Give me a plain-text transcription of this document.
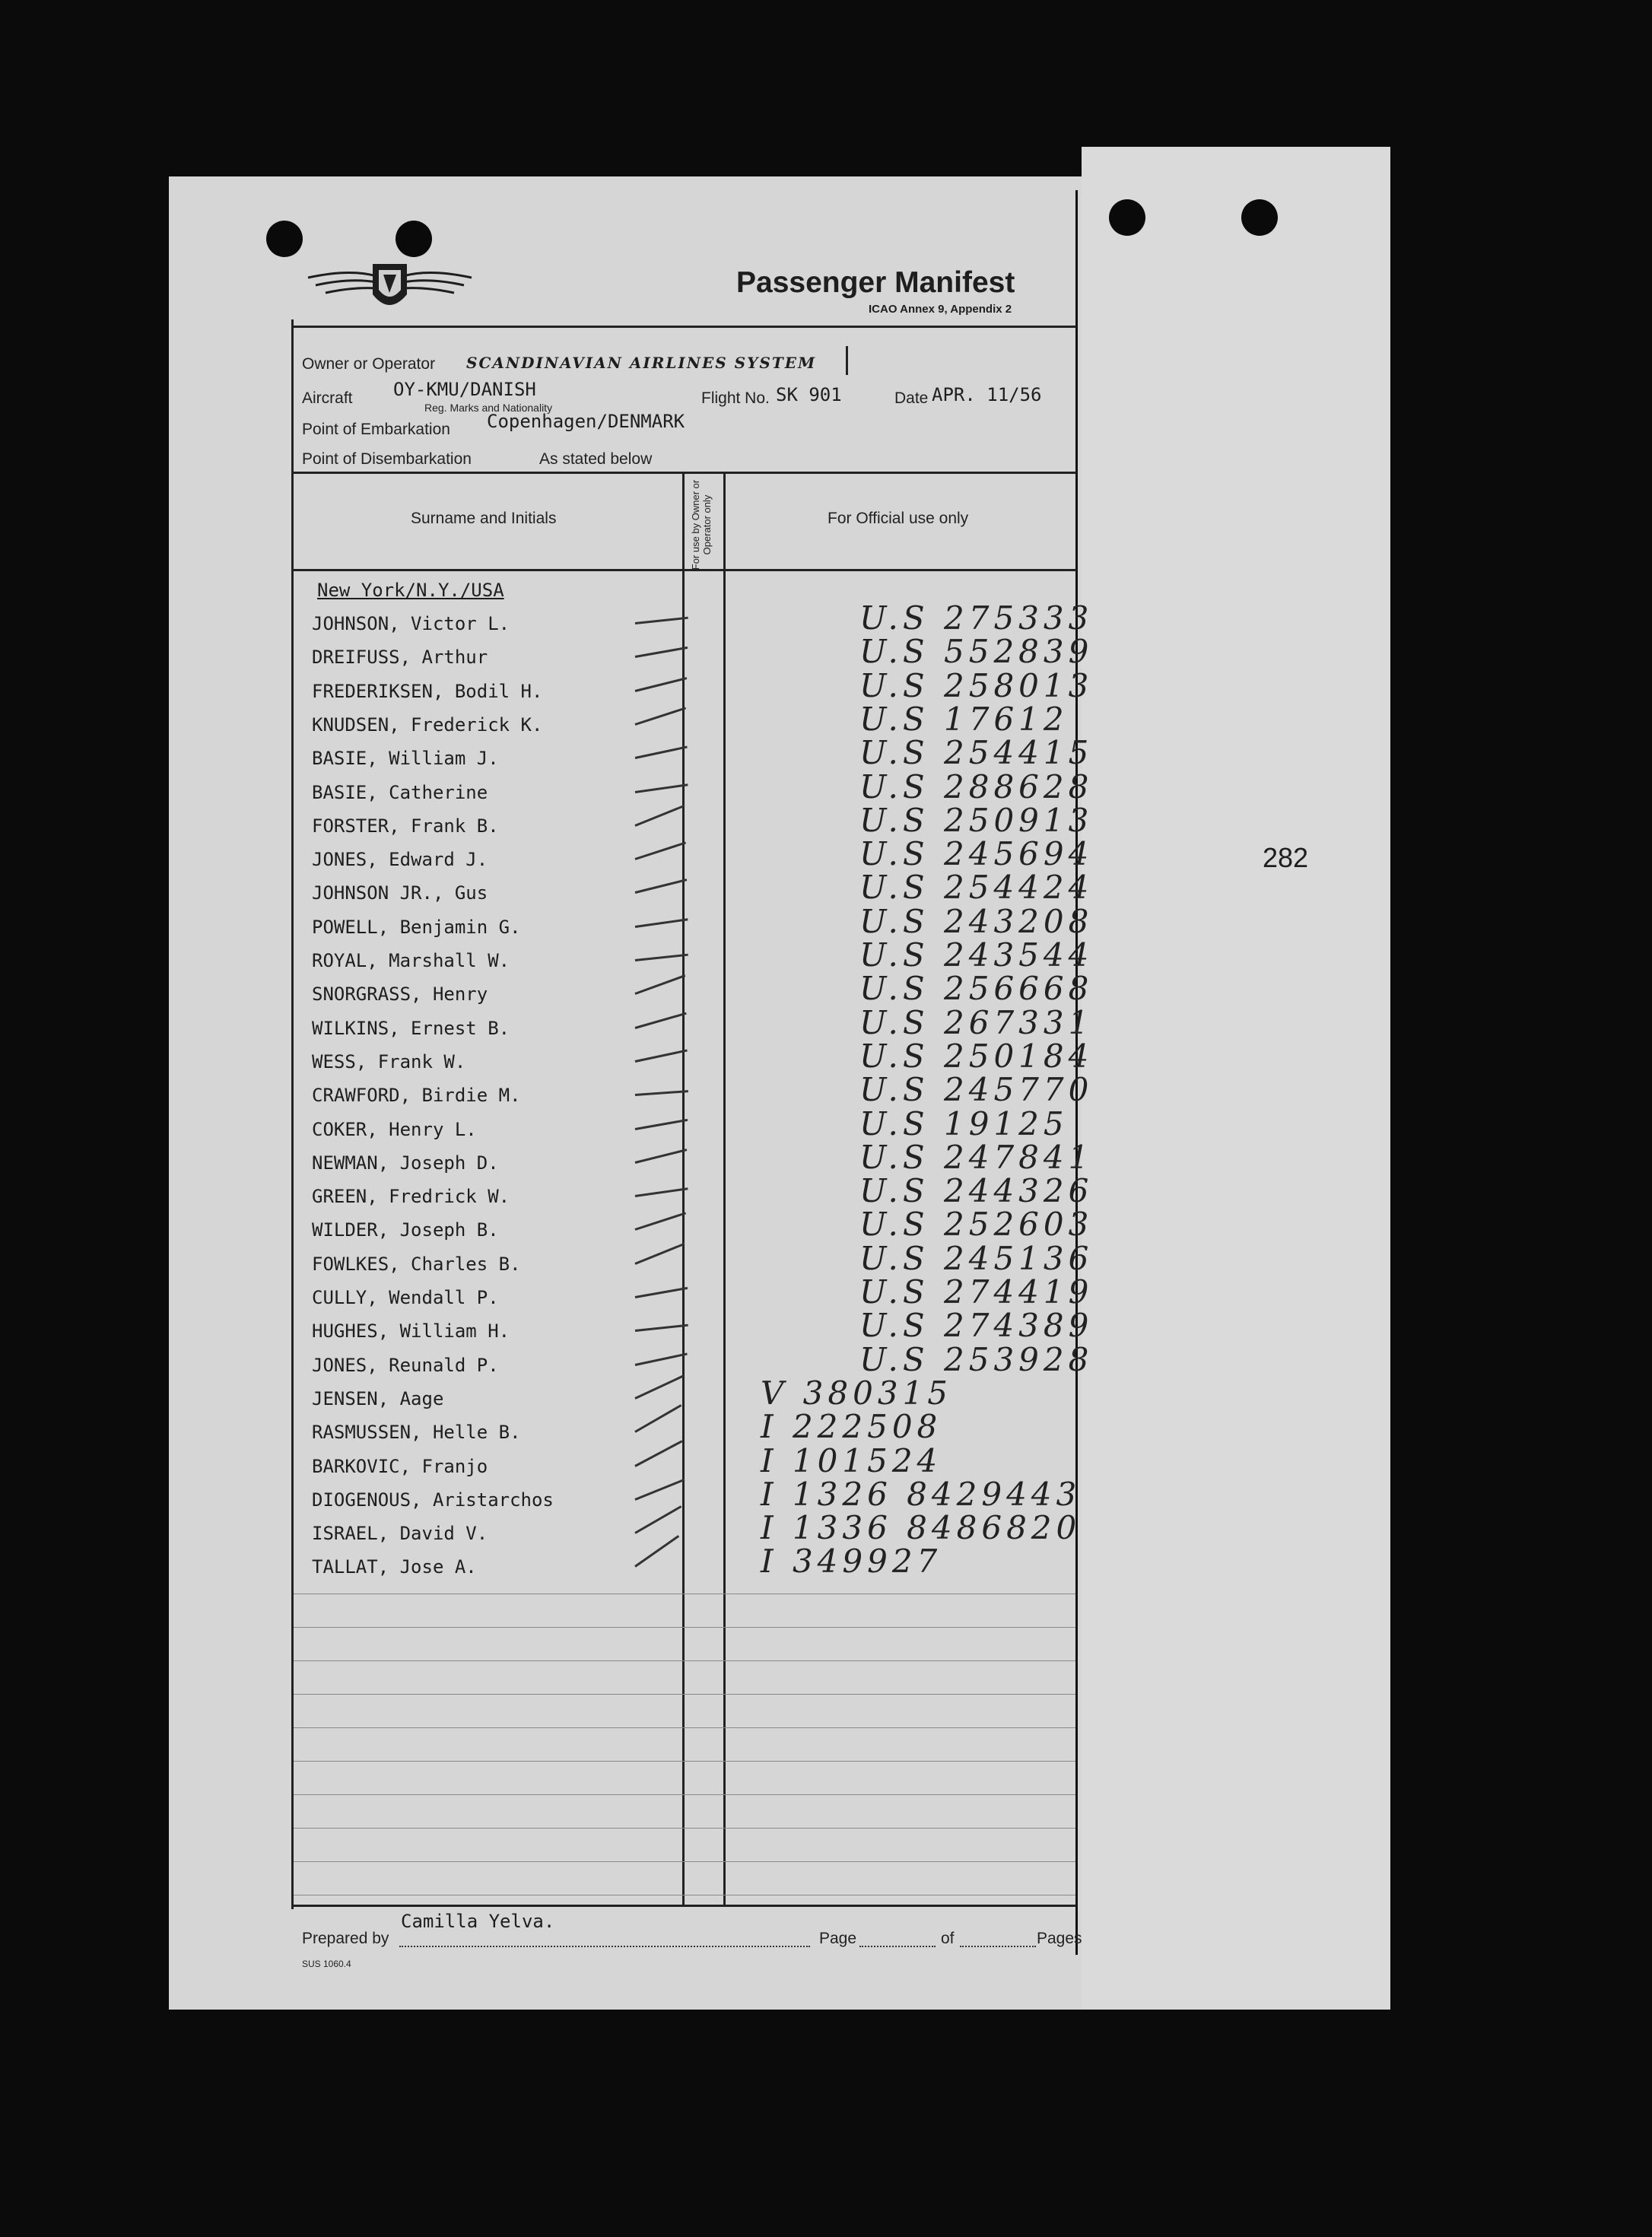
Passenger Manifest
ICAO Annex 9, Appendix 2
Owner or Operator SCANDINAVIAN AIRLINES SYSTEM
Aircraft OY-KMU/DANISH
Reg. Marks and Nationality
Flight No. SK 901	Date APR. 11/56
Point of Embarkation Copenhagen/DENMARK
Point of Disembarkation	As stated below
Surname and Initials	For use by Owner or Operator only	For Official use only
New York/N.Y./USA
282
JOHNSON, Victor L.	U.S 275333
DREIFUSS, Arthur	U.S 552839
FREDERIKSEN, Bodil H.	U.S 258013
KNUDSEN, Frederick K.	U.S 17612
BASIE, William J.	U.S 254415
BASIE, Catherine	U.S 288628
FORSTER, Frank B.	U.S 250913
JONES, Edward J.	U.S 245694
JOHNSON JR., Gus	U.S 254424
POWELL, Benjamin G.	U.S 243208
ROYAL, Marshall W.	U.S 243544
SNORGRASS, Henry	U.S 256668
WILKINS, Ernest B.	U.S 267331
WESS, Frank W.	U.S 250184
CRAWFORD, Birdie M.	U.S 245770
COKER, Henry L.	U.S 19125
NEWMAN, Joseph D.	U.S 247841
GREEN, Fredrick W.	U.S 244326
WILDER, Joseph B.	U.S 252603
FOWLKES, Charles B.	U.S 245136
CULLY, Wendall P.	U.S 274419
HUGHES, William H.	U.S 274389
JONES, Reunald P.	U.S 253928
JENSEN, Aage	V 380315
RASMUSSEN, Helle B.	I 222508
BARKOVIC, Franjo	I 101524
DIOGENOUS, Aristarchos	I 1326 8429443
ISRAEL, David V.	I 1336 8486820
TALLAT, Jose A.	I 349927
Camilla Yelva.
Prepared by	Page	of	Pages
SUS 1060.4
